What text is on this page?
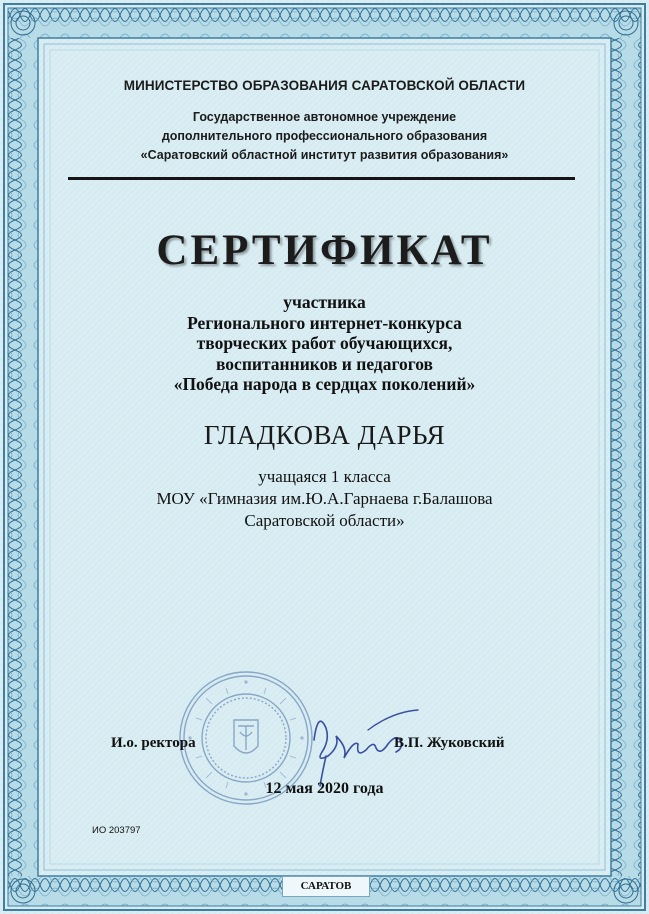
МИНИСТЕРСТВО ОБРАЗОВАНИЯ САРАТОВСКОЙ ОБЛАСТИ
Государственное автономное учреждение
дополнительного профессионального образования
«Саратовский областной институт развития образования»
СЕРТИФИКАТ
участника
Регионального интернет-конкурса
творческих работ обучающихся,
воспитанников и педагогов
«Победа народа в сердцах поколений»
ГЛАДКОВА ДАРЬЯ
учащаяся 1 класса
МОУ «Гимназия им.Ю.А.Гарнаева г.Балашова
Саратовской области»
И.о. ректора	В.П. Жуковский
12 мая 2020 года
ИО 203797
САРАТОВ
